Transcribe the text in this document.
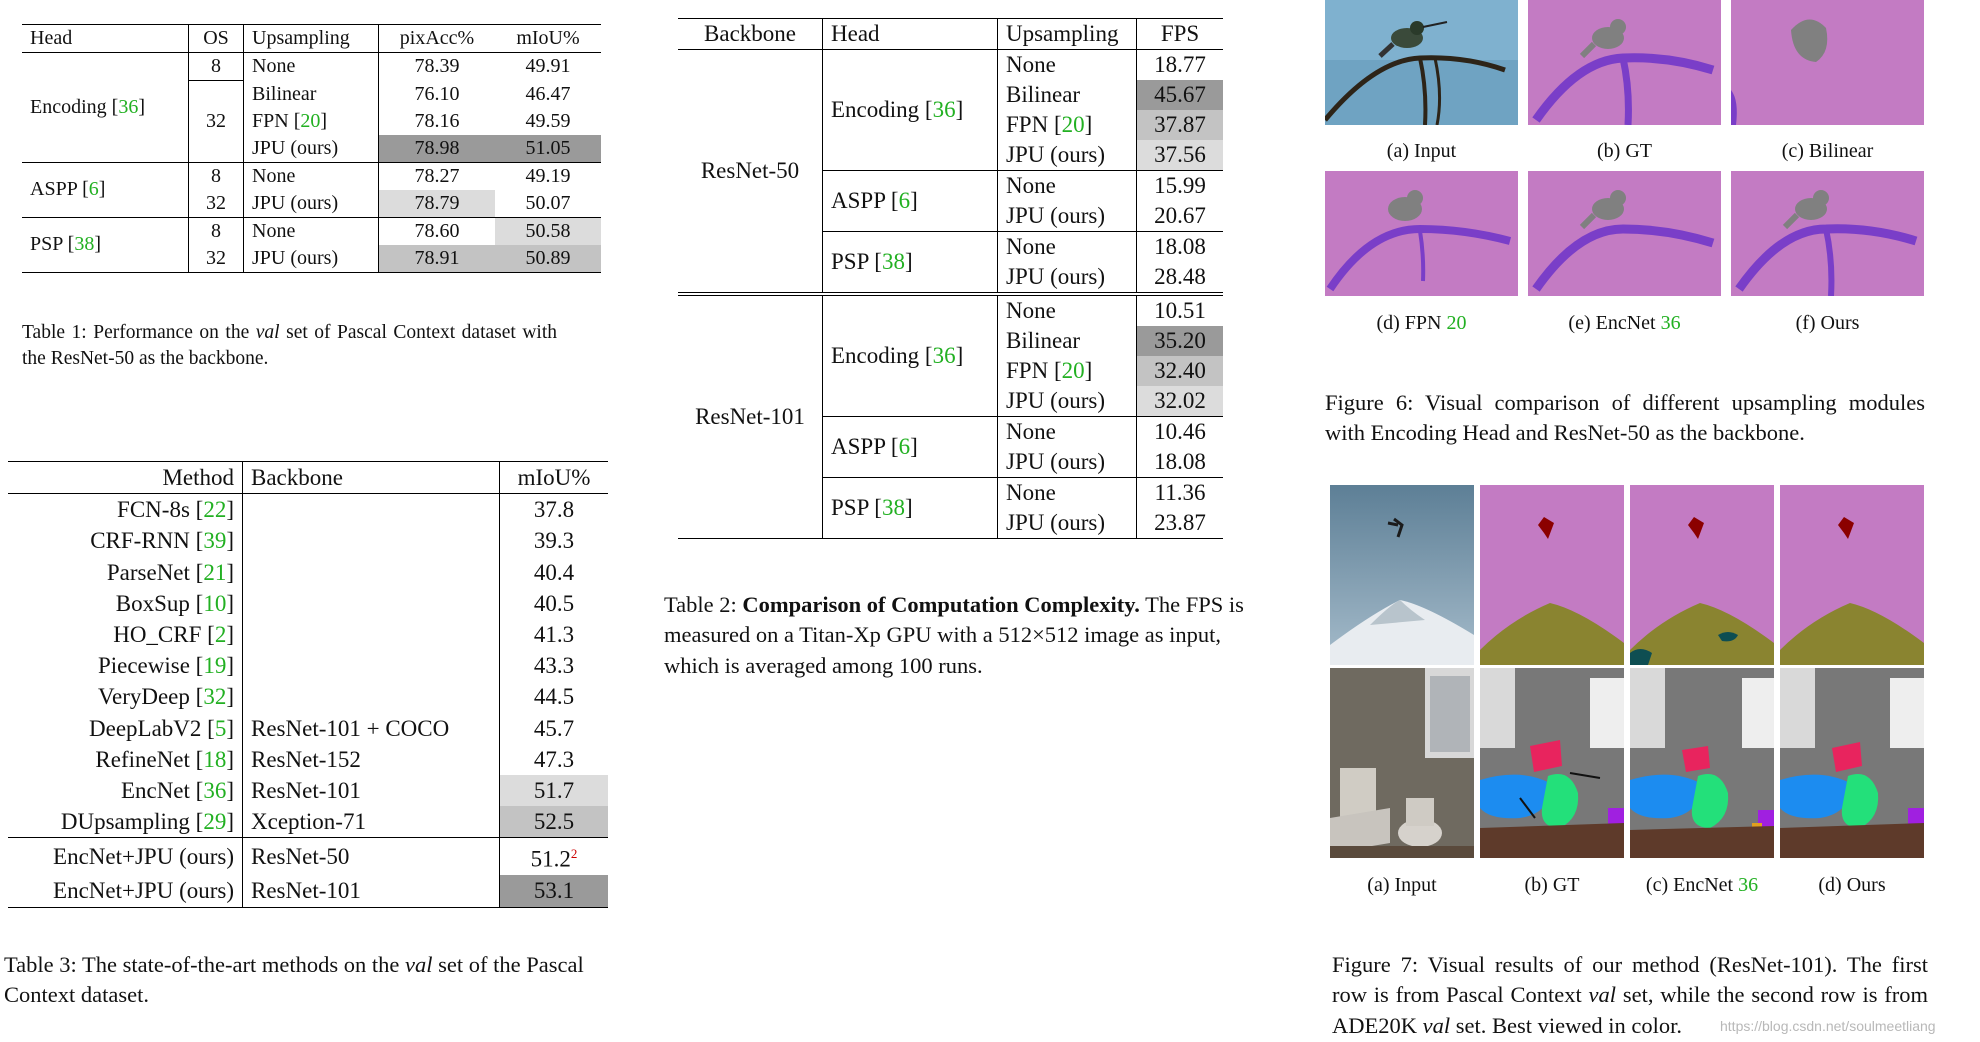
Head	OS	Upsampling	pixAcc%	mIoU%
Encoding [36]	8	None	78.39	49.91
	32	Bilinear	76.10	46.47
		FPN [20]	78.16	49.59
		JPU (ours)	78.98	51.05
ASPP [6]	8	None	78.27	49.19
	32	JPU (ours)	78.79	50.07
PSP [38]	8	None	78.60	50.58
	32	JPU (ours)	78.91	50.89
Table 1: Performance on the val set of Pascal Context dataset with the ResNet-50 as the backbone.
Method	Backbone	mIoU%
FCN-8s [22]		37.8
CRF-RNN [39]		39.3
ParseNet [21]		40.4
BoxSup [10]		40.5
HO_CRF [2]		41.3
Piecewise [19]		43.3
VeryDeep [32]		44.5
DeepLabV2 [5]	ResNet-101 + COCO	45.7
RefineNet [18]	ResNet-152	47.3
EncNet [36]	ResNet-101	51.7
DUpsampling [29]	Xception-71	52.5
EncNet+JPU (ours)	ResNet-50	51.2$^2$
EncNet+JPU (ours)	ResNet-101	53.1
Table 3: The state-of-the-art methods on the val set of the Pascal Context dataset.
Backbone	Head	Upsampling	FPS
ResNet-50	Encoding [36]	None	18.77
		Bilinear	45.67
		FPN [20]	37.87
		JPU (ours)	37.56
	ASPP [6]	None	15.99
		JPU (ours)	20.67
	PSP [38]	None	18.08
		JPU (ours)	28.48
ResNet-101	Encoding [36]	None	10.51
		Bilinear	35.20
		FPN [20]	32.40
		JPU (ours)	32.02
	ASPP [6]	None	10.46
		JPU (ours)	18.08
	PSP [38]	None	11.36
		JPU (ours)	23.87
Table 2: Comparison of Computation Complexity. The FPS is measured on a Titan-Xp GPU with a 512×512 image as input, which is averaged among 100 runs.
(a) Input	(b) GT	(c) Bilinear
(d) FPN 20	(e) EncNet 36	(f) Ours
Figure 6: Visual comparison of different upsampling modules with Encoding Head and ResNet-50 as the backbone.
(a) Input	(b) GT	(c) EncNet 36	(d) Ours
Figure 7: Visual results of our method (ResNet-101). The first row is from Pascal Context val set, while the second row is from ADE20K val set. Best viewed in color.	https://blog.csdn.net/soulmeetliang
